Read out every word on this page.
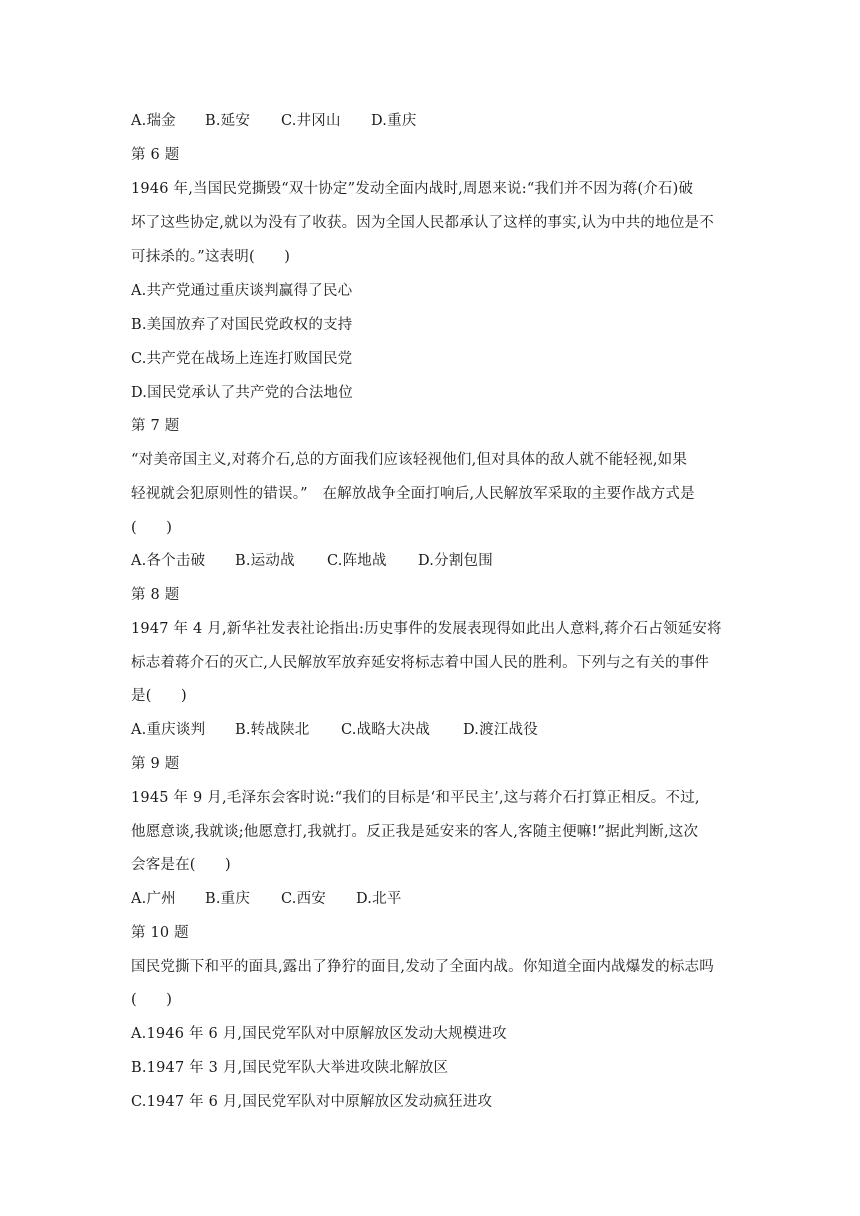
A.瑞金 B.延安 C.井冈山 D.重庆
第 6 题
1946 年,当国民党撕毁“双十协定”发动全面内战时,周恩来说:“我们并不因为蒋(介石)破
坏了这些协定,就以为没有了收获。因为全国人民都承认了这样的事实,认为中共的地位是不
可抹杀的。”这表明(　　)
A.共产党通过重庆谈判赢得了民心
B.美国放弃了对国民党政权的支持
C.共产党在战场上连连打败国民党
D.国民党承认了共产党的合法地位
第 7 题
“对美帝国主义,对蒋介石,总的方面我们应该轻视他们,但对具体的敌人就不能轻视,如果
轻视就会犯原则性的错误。”　在解放战争全面打响后,人民解放军采取的主要作战方式是
(　　)
A.各个击破 B.运动战 C.阵地战 D.分割包围
第 8 题
1947 年 4 月,新华社发表社论指出:历史事件的发展表现得如此出人意料,蒋介石占领延安将
标志着蒋介石的灭亡,人民解放军放弃延安将标志着中国人民的胜利。下列与之有关的事件
是(　　)
A.重庆谈判 B.转战陕北 C.战略大决战 D.渡江战役
第 9 题
1945 年 9 月,毛泽东会客时说:“我们的目标是‘和平民主’,这与蒋介石打算正相反。不过,
他愿意谈,我就谈;他愿意打,我就打。反正我是延安来的客人,客随主便嘛!”据此判断,这次
会客是在(　　)
A.广州 B.重庆 C.西安 D.北平
第 10 题
国民党撕下和平的面具,露出了狰狞的面目,发动了全面内战。你知道全面内战爆发的标志吗
(　　)
A.1946 年 6 月,国民党军队对中原解放区发动大规模进攻
B.1947 年 3 月,国民党军队大举进攻陕北解放区
C.1947 年 6 月,国民党军队对中原解放区发动疯狂进攻
